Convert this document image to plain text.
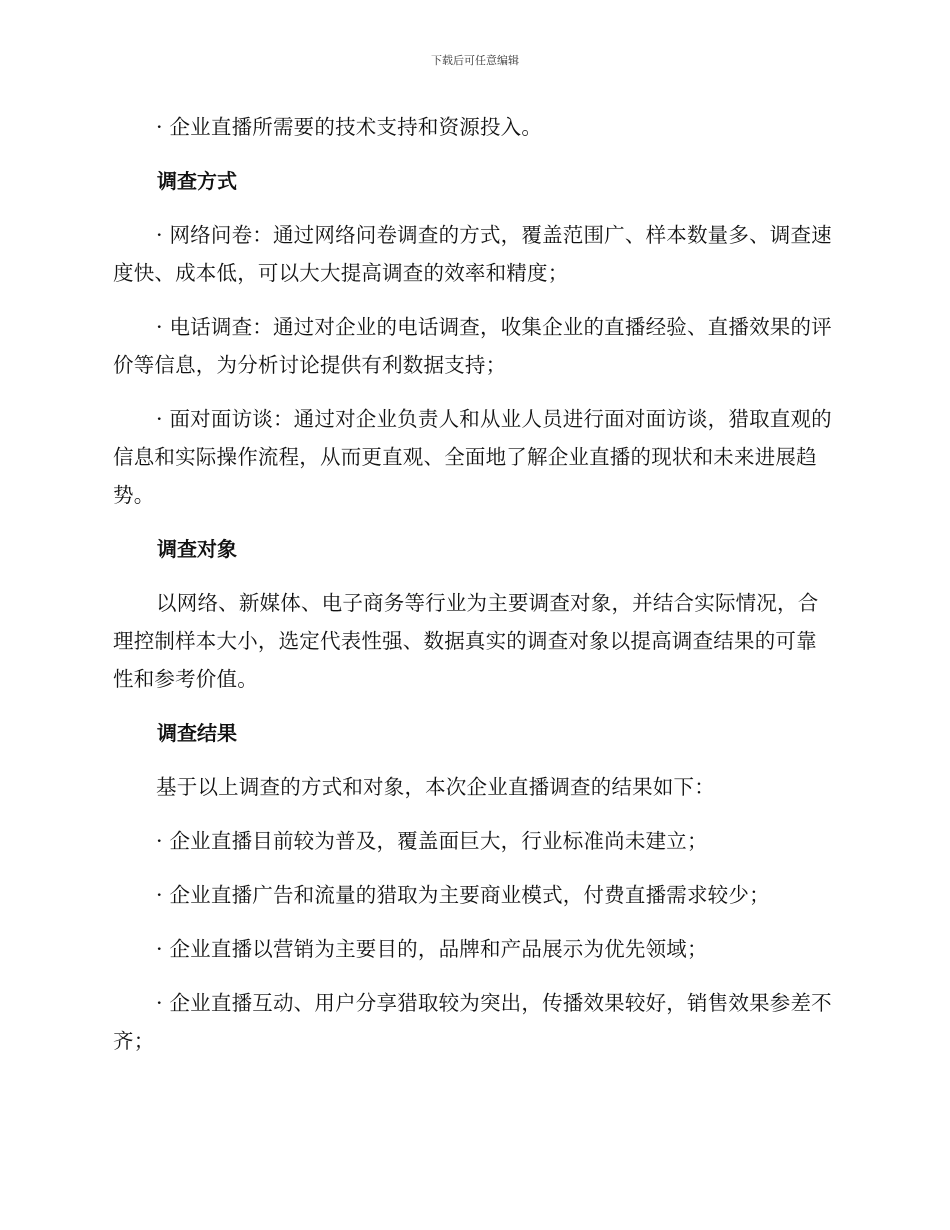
下载后可任意编辑

· 企业直播所需要的技术支持和资源投入。

调查方式

· 网络问卷：通过网络问卷调查的方式，覆盖范围广、样本数量多、调查速度快、成本低，可以大大提高调查的效率和精度；

· 电话调查：通过对企业的电话调查，收集企业的直播经验、直播效果的评价等信息，为分析讨论提供有利数据支持；

· 面对面访谈：通过对企业负责人和从业人员进行面对面访谈，猎取直观的信息和实际操作流程，从而更直观、全面地了解企业直播的现状和未来进展趋势。

调查对象

以网络、新媒体、电子商务等行业为主要调查对象，并结合实际情况，合理控制样本大小，选定代表性强、数据真实的调查对象以提高调查结果的可靠性和参考价值。

调查结果

基于以上调查的方式和对象，本次企业直播调查的结果如下：

· 企业直播目前较为普及，覆盖面巨大，行业标准尚未建立；

· 企业直播广告和流量的猎取为主要商业模式，付费直播需求较少；

· 企业直播以营销为主要目的，品牌和产品展示为优先领域；

· 企业直播互动、用户分享猎取较为突出，传播效果较好，销售效果参差不齐；
